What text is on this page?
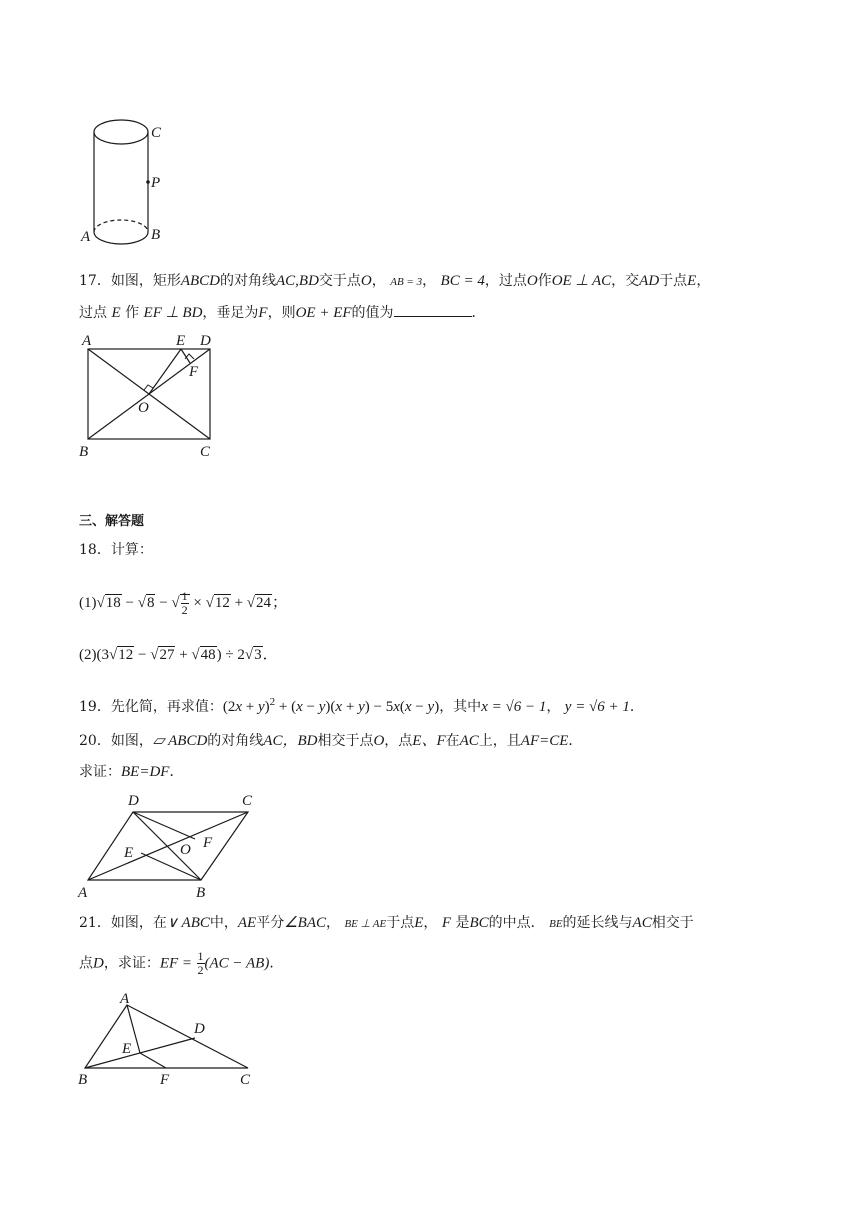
C
P
A	B
17．如图，矩形ABCD的对角线AC,BD交于点O， AB = 3， BC = 4，过点O作OE ⊥ AC，交AD于点E，
过点 E 作 EF ⊥ BD，垂足为F，则OE + EF的值为	．
A	E D
F
O
B	C
三、解答题
18．计算：
(1)√18 − √8 − √ $\frac{1}{2} \times √12 + √24$；
(2)(3√12 − √27 + √48) ÷ 2√3．
19．先化简，再求值：$(2x + y)^2 + (x - y)(x + y) - 5x(x - y)$，其中x = √6 − 1， y = √6 + 1．
20．如图，▱ ABCD的对角线AC，BD相交于点O，点E、F在AC上，且AF=CE．
求证：BE=DF．
D	C
E	O F
A	B
21．如图，在∨ ABC中，AE平分∠BAC， BE ⊥ AE于点E， F 是BC的中点． BE的延长线与AC相交于
点D，求证：EF = $\frac{1}{2} (AC - AB)$．
A
D
E
B	F	C
